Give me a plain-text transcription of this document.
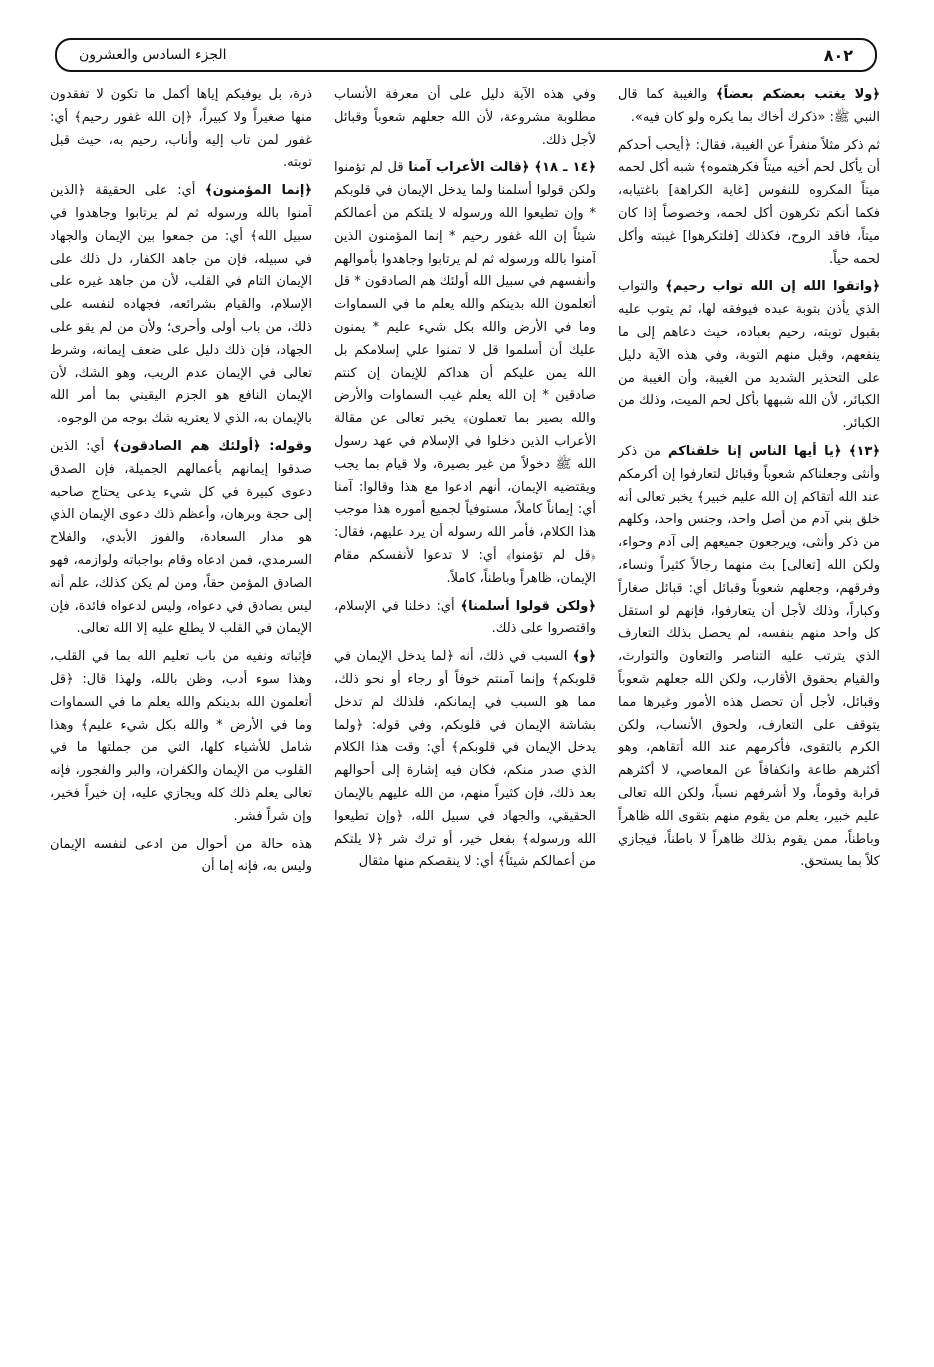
٨٠٢
الجزء السادس والعشرون

﴿ولا يغتب بعضكم بعضاً﴾ والغيبة كما قال النبي ﷺ: «ذكرك أخاك بما يكره ولو كان فيه».

ثم ذكر مثلاً منفراً عن الغيبة، فقال: ﴿أيحب أحدكم أن يأكل لحم أخيه ميتاً فكرهتموه﴾ شبه أكل لحمه ميتاً المكروه للنفوس [غاية الكراهة] باغتيابه، فكما أنكم تكرهون أكل لحمه، وخصوصاً إذا كان ميتاً، فاقد الروح، فكذلك [فلتكرهوا] غيبته وأكل لحمه حياً.

﴿واتقوا الله إن الله تواب رحيم﴾ والتواب الذي يأذن بتوبة عبده فيوفقه لها، ثم يتوب عليه بقبول توبته، رحيم بعباده، حيث دعاهم إلى ما ينفعهم، وقبل منهم التوبة، وفي هذه الآية دليل على التحذير الشديد من الغيبة، وأن الغيبة من الكبائر، لأن الله شبهها بأكل لحم الميت، وذلك من الكبائر.

﴿١٣﴾ ﴿يا أيها الناس إنا خلقناكم من ذكر وأنثى وجعلناكم شعوباً وقبائل لتعارفوا إن أكرمكم عند الله أتقاكم إن الله عليم خبير﴾ يخبر تعالى أنه خلق بني آدم من أصل واحد، وجنس واحد، وكلهم من ذكر وأنثى، ويرجعون جميعهم إلى آدم وحواء، ولكن الله [تعالى] بث منهما رجالاً كثيراً ونساء، وفرقهم، وجعلهم شعوباً وقبائل أي: قبائل صغاراً وكباراً، وذلك لأجل أن يتعارفوا، فإنهم لو استقل كل واحد منهم بنفسه، لم يحصل بذلك التعارف الذي يترتب عليه التناصر والتعاون والتوارث، والقيام بحقوق الأقارب، ولكن الله جعلهم شعوباً وقبائل، لأجل أن تحصل هذه الأمور وغيرها مما يتوقف على التعارف، ولحوق الأنساب، ولكن الكرم بالتقوى، فأكرمهم عند الله أتقاهم، وهو أكثرهم طاعة وانكفافاً عن المعاصي، لا أكثرهم قرابة وقوماً، ولا أشرفهم نسباً، ولكن الله تعالى عليم خبير، يعلم من يقوم منهم بتقوى الله ظاهراً وباطناً، ممن يقوم بذلك ظاهراً لا باطناً، فيجازي كلاً بما يستحق.

وفي هذه الآية دليل على أن معرفة الأنساب مطلوبة مشروعة، لأن الله جعلهم شعوباً وقبائل لأجل ذلك.

﴿١٤ ـ ١٨﴾ ﴿قالت الأعراب آمنا قل لم تؤمنوا ولكن قولوا أسلمنا ولما يدخل الإيمان في قلوبكم * وإن تطيعوا الله ورسوله لا يلتكم من أعمالكم شيئاً إن الله غفور رحيم * إنما المؤمنون الذين آمنوا بالله ورسوله ثم لم يرتابوا وجاهدوا بأموالهم وأنفسهم في سبيل الله أولئك هم الصادقون * قل أتعلمون الله بدينكم والله يعلم ما في السماوات وما في الأرض والله بكل شيء عليم * يمنون عليك أن أسلموا قل لا تمنوا علي إسلامكم بل الله يمن عليكم أن هداكم للإيمان إن كنتم صادقين * إن الله يعلم غيب السماوات والأرض والله بصير بما تعملون﴾ يخبر تعالى عن مقالة الأعراب الذين دخلوا في الإسلام في عهد رسول الله ﷺ دخولاً من غير بصيرة، ولا قيام بما يجب ويقتضيه الإيمان، أنهم ادعوا مع هذا وقالوا: آمنا أي: إيماناً كاملاً، مستوفياً لجميع أموره هذا موجب هذا الكلام، فأمر الله رسوله أن يرد عليهم، فقال: ﴿قل لم تؤمنوا﴾ أي: لا تدعوا لأنفسكم مقام الإيمان، ظاهراً وباطناً، كاملاً.

﴿ولكن قولوا أسلمنا﴾ أي: دخلنا في الإسلام، واقتصروا على ذلك.

﴿و﴾ السبب في ذلك، أنه ﴿لما يدخل الإيمان في قلوبكم﴾ وإنما آمنتم خوفاً أو رجاء أو نحو ذلك، مما هو السبب في إيمانكم، فلذلك لم تدخل بشاشة الإيمان في قلوبكم، وفي قوله: ﴿ولما يدخل الإيمان في قلوبكم﴾ أي: وقت هذا الكلام الذي صدر منكم، فكان فيه إشارة إلى أحوالهم بعد ذلك، فإن كثيراً منهم، من الله عليهم بالإيمان الحقيقي، والجهاد في سبيل الله، ﴿وإن تطيعوا الله ورسوله﴾ بفعل خير، أو ترك شر ﴿لا يلتكم من أعمالكم شيئاً﴾ أي: لا ينقصكم منها مثقال

ذرة، بل يوفيكم إياها أكمل ما تكون لا تفقدون منها صغيراً ولا كبيراً، ﴿إن الله غفور رحيم﴾ أي: غفور لمن تاب إليه وأناب، رحيم به، حيث قبل توبته.

﴿إنما المؤمنون﴾ أي: على الحقيقة ﴿الذين آمنوا بالله ورسوله ثم لم يرتابوا وجاهدوا في سبيل الله﴾ أي: من جمعوا بين الإيمان والجهاد في سبيله، فإن من جاهد الكفار، دل ذلك على الإيمان التام في القلب، لأن من جاهد غيره على الإسلام، والقيام بشرائعه، فجهاده لنفسه على ذلك، من باب أولى وأحرى؛ ولأن من لم يقو على الجهاد، فإن ذلك دليل على ضعف إيمانه، وشرط تعالى في الإيمان عدم الريب، وهو الشك، لأن الإيمان النافع هو الجزم اليقيني بما أمر الله بالإيمان به، الذي لا يعتريه شك بوجه من الوجوه.

وقوله: ﴿أولئك هم الصادقون﴾ أي: الذين صدقوا إيمانهم بأعمالهم الجميلة، فإن الصدق دعوى كبيرة في كل شيء يدعى يحتاج صاحبه إلى حجة وبرهان، وأعظم ذلك دعوى الإيمان الذي هو مدار السعادة، والفوز الأبدي، والفلاح السرمدي، فمن ادعاه وقام بواجباته ولوازمه، فهو الصادق المؤمن حقاً، ومن لم يكن كذلك، علم أنه ليس بصادق في دعواه، وليس لدعواه فائدة، فإن الإيمان في القلب لا يطلع عليه إلا الله تعالى.

فإثباته ونفيه من باب تعليم الله بما في القلب، وهذا سوء أدب، وظن بالله، ولهذا قال: ﴿قل أتعلمون الله بدينكم والله يعلم ما في السماوات وما في الأرض * والله بكل شيء عليم﴾ وهذا شامل للأشياء كلها، التي من جملتها ما في القلوب من الإيمان والكفران، والبر والفجور، فإنه تعالى يعلم ذلك كله ويجازي عليه، إن خيراً فخير، وإن شراً فشر.

هذه حالة من أحوال من ادعى لنفسه الإيمان وليس به، فإنه إما أن
